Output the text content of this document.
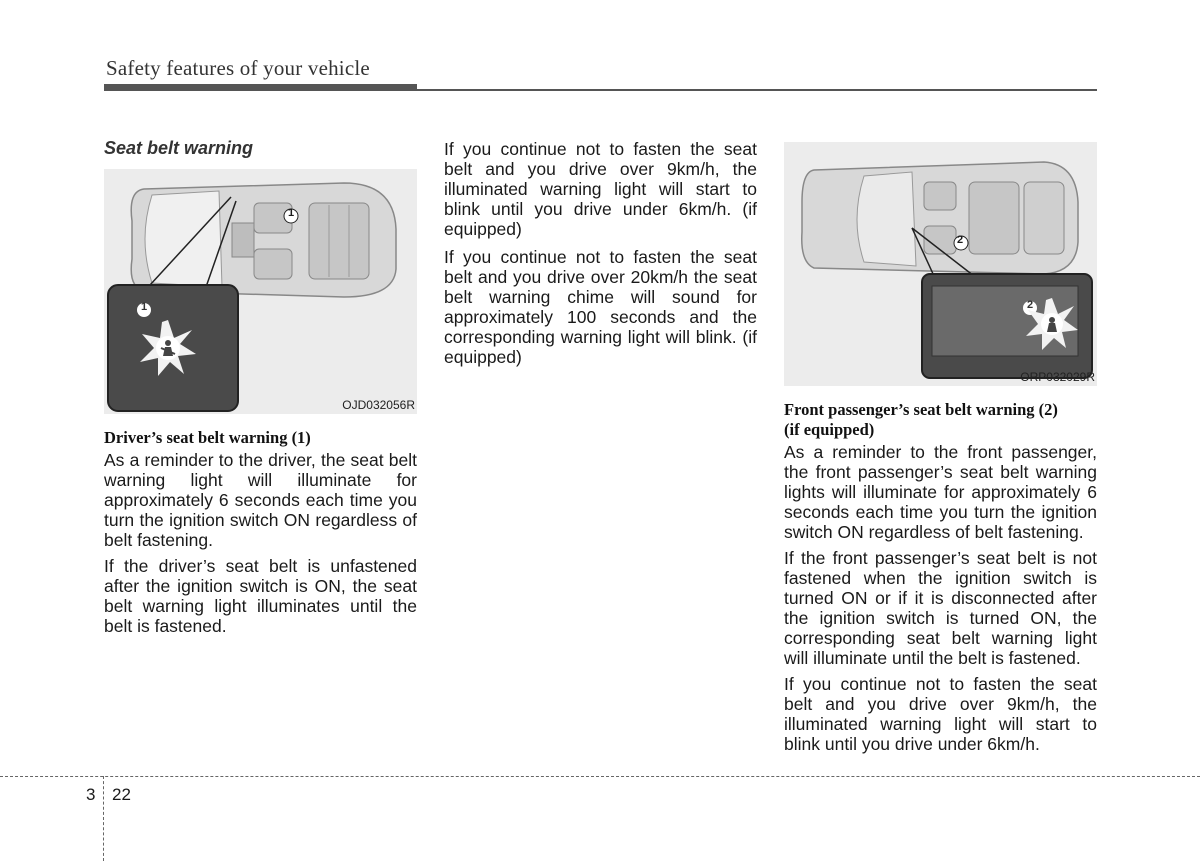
Safety features of your vehicle
Seat belt warning
1
1
OJD032056R
Driver’s seat belt warning (1)

As a reminder to the driver, the seat belt warning light will illuminate for approximately 6 seconds each time you turn the ignition switch ON regardless of belt fastening.

If the driver’s seat belt is unfastened after the ignition switch is ON, the seat belt warning light illuminates until the belt is fastened.

If you continue not to fasten the seat belt and you drive over 9km/h, the illuminated warning light will start to blink until you drive under 6km/h. (if equipped)

If you continue not to fasten the seat belt and you drive over 20km/h the seat belt warning chime will sound for approximately 100 seconds and the corresponding warning light will blink. (if equipped)

2
2
ORP032029R
Front passenger’s seat belt warning (2)
(if equipped)

As a reminder to the front passenger, the front passenger’s seat belt warning lights will illuminate for approximately 6 seconds each time you turn the ignition switch ON regardless of belt fastening.

If the front passenger’s seat belt is not fastened when the ignition switch is turned ON or if it is disconnected after the ignition switch is turned ON, the corresponding seat belt warning light will illuminate until the belt is fastened.

If you continue not to fasten the seat belt and you drive over 9km/h, the illuminated warning light will start to blink until you drive under 6km/h.

3 22
